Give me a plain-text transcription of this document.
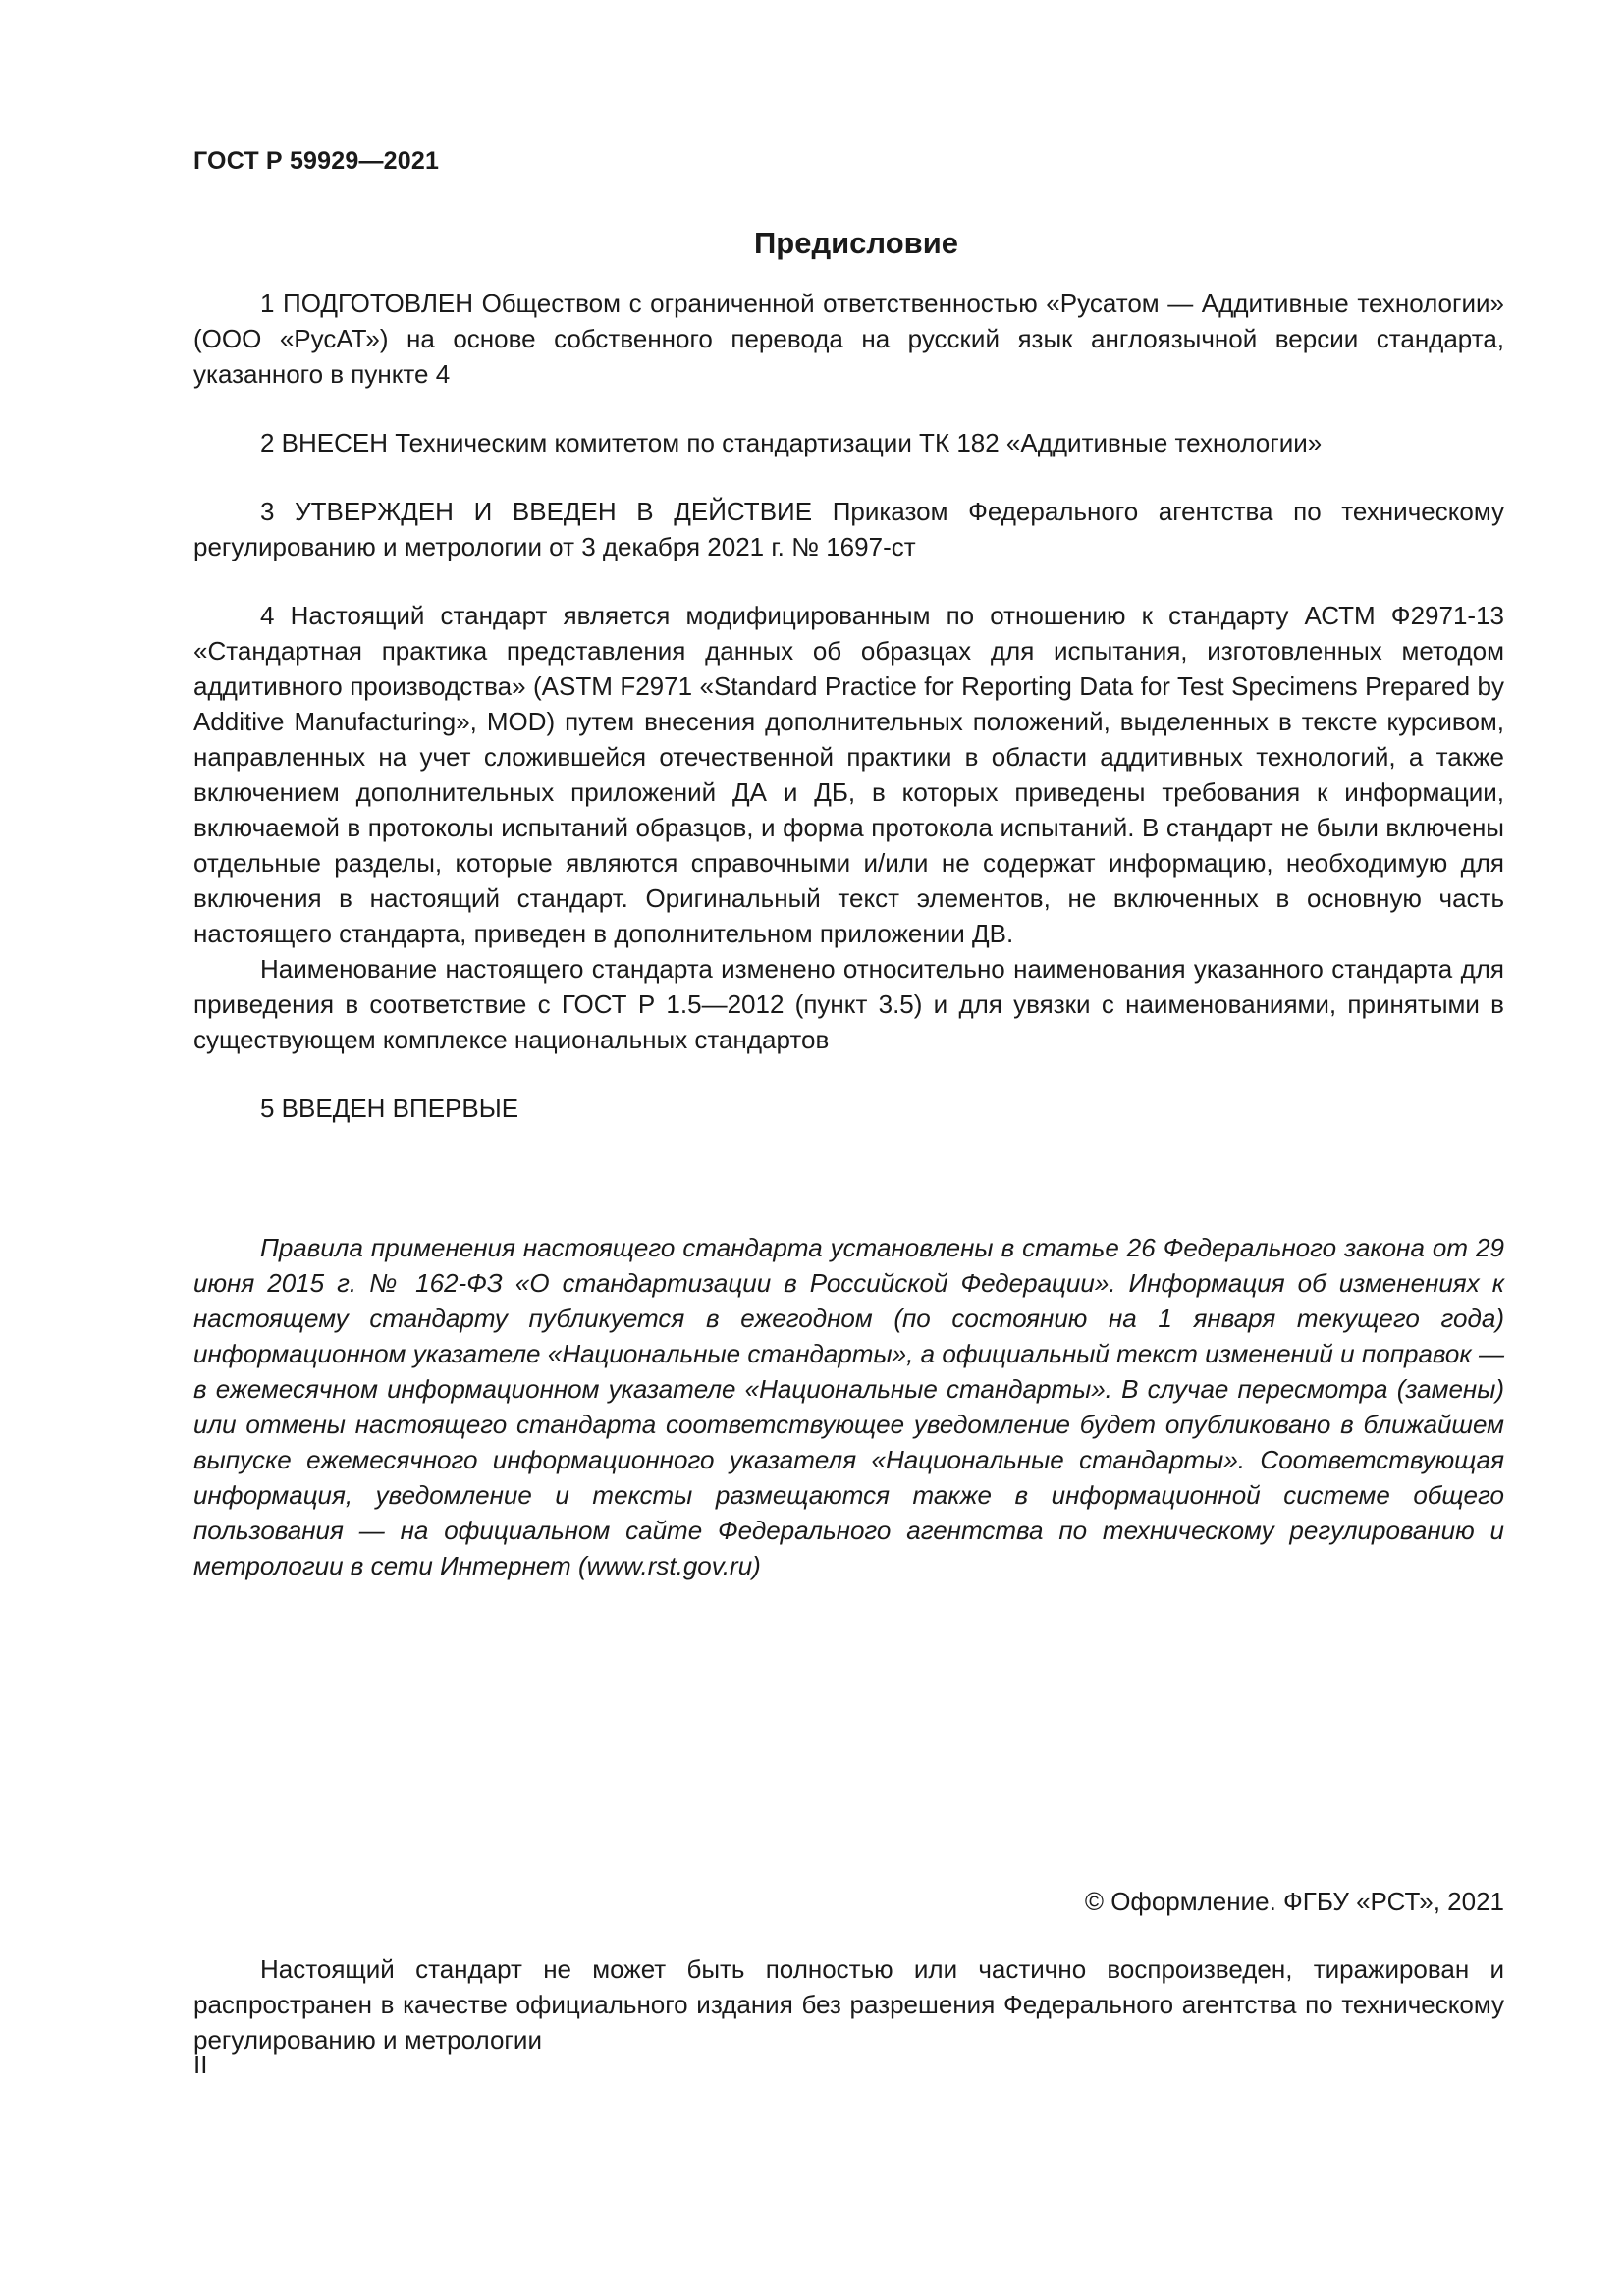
ГОСТ Р 59929—2021
Предисловие

1 ПОДГОТОВЛЕН Обществом с ограниченной ответственностью «Русатом — Аддитивные технологии» (ООО «РусАТ») на основе собственного перевода на русский язык англоязычной версии стандарта, указанного в пункте 4

2 ВНЕСЕН Техническим комитетом по стандартизации ТК 182 «Аддитивные технологии»

3 УТВЕРЖДЕН И ВВЕДЕН В ДЕЙСТВИЕ Приказом Федерального агентства по техническому регулированию и метрологии от 3 декабря 2021 г. № 1697-ст

4 Настоящий стандарт является модифицированным по отношению к стандарту АСТМ Ф2971-13 «Стандартная практика представления данных об образцах для испытания, изготовленных методом аддитивного производства» (ASTM F2971 «Standard Practice for Reporting Data for Test Specimens Prepared by Additive Manufacturing», MOD) путем внесения дополнительных положений, выделенных в тексте курсивом, направленных на учет сложившейся отечественной практики в области аддитивных технологий, а также включением дополнительных приложений ДА и ДБ, в которых приведены требования к информации, включаемой в протоколы испытаний образцов, и форма протокола испытаний. В стандарт не были включены отдельные разделы, которые являются справочными и/или не содержат информацию, необходимую для включения в настоящий стандарт. Оригинальный текст элементов, не включенных в основную часть настоящего стандарта, приведен в дополнительном приложении ДВ.

Наименование настоящего стандарта изменено относительно наименования указанного стандарта для приведения в соответствие с ГОСТ Р 1.5—2012 (пункт 3.5) и для увязки с наименованиями, принятыми в существующем комплексе национальных стандартов

5 ВВЕДЕН ВПЕРВЫЕ

Правила применения настоящего стандарта установлены в статье 26 Федерального закона от 29 июня 2015 г. № 162-ФЗ «О стандартизации в Российской Федерации». Информация об изменениях к настоящему стандарту публикуется в ежегодном (по состоянию на 1 января текущего года) информационном указателе «Национальные стандарты», а официальный текст изменений и поправок — в ежемесячном информационном указателе «Национальные стандарты». В случае пересмотра (замены) или отмены настоящего стандарта соответствующее уведомление будет опубликовано в ближайшем выпуске ежемесячного информационного указателя «Национальные стандарты». Соответствующая информация, уведомление и тексты размещаются также в информационной системе общего пользования — на официальном сайте Федерального агентства по техническому регулированию и метрологии в сети Интернет (www.rst.gov.ru)

© Оформление. ФГБУ «РСТ», 2021

Настоящий стандарт не может быть полностью или частично воспроизведен, тиражирован и распространен в качестве официального издания без разрешения Федерального агентства по техническому регулированию и метрологии

II
